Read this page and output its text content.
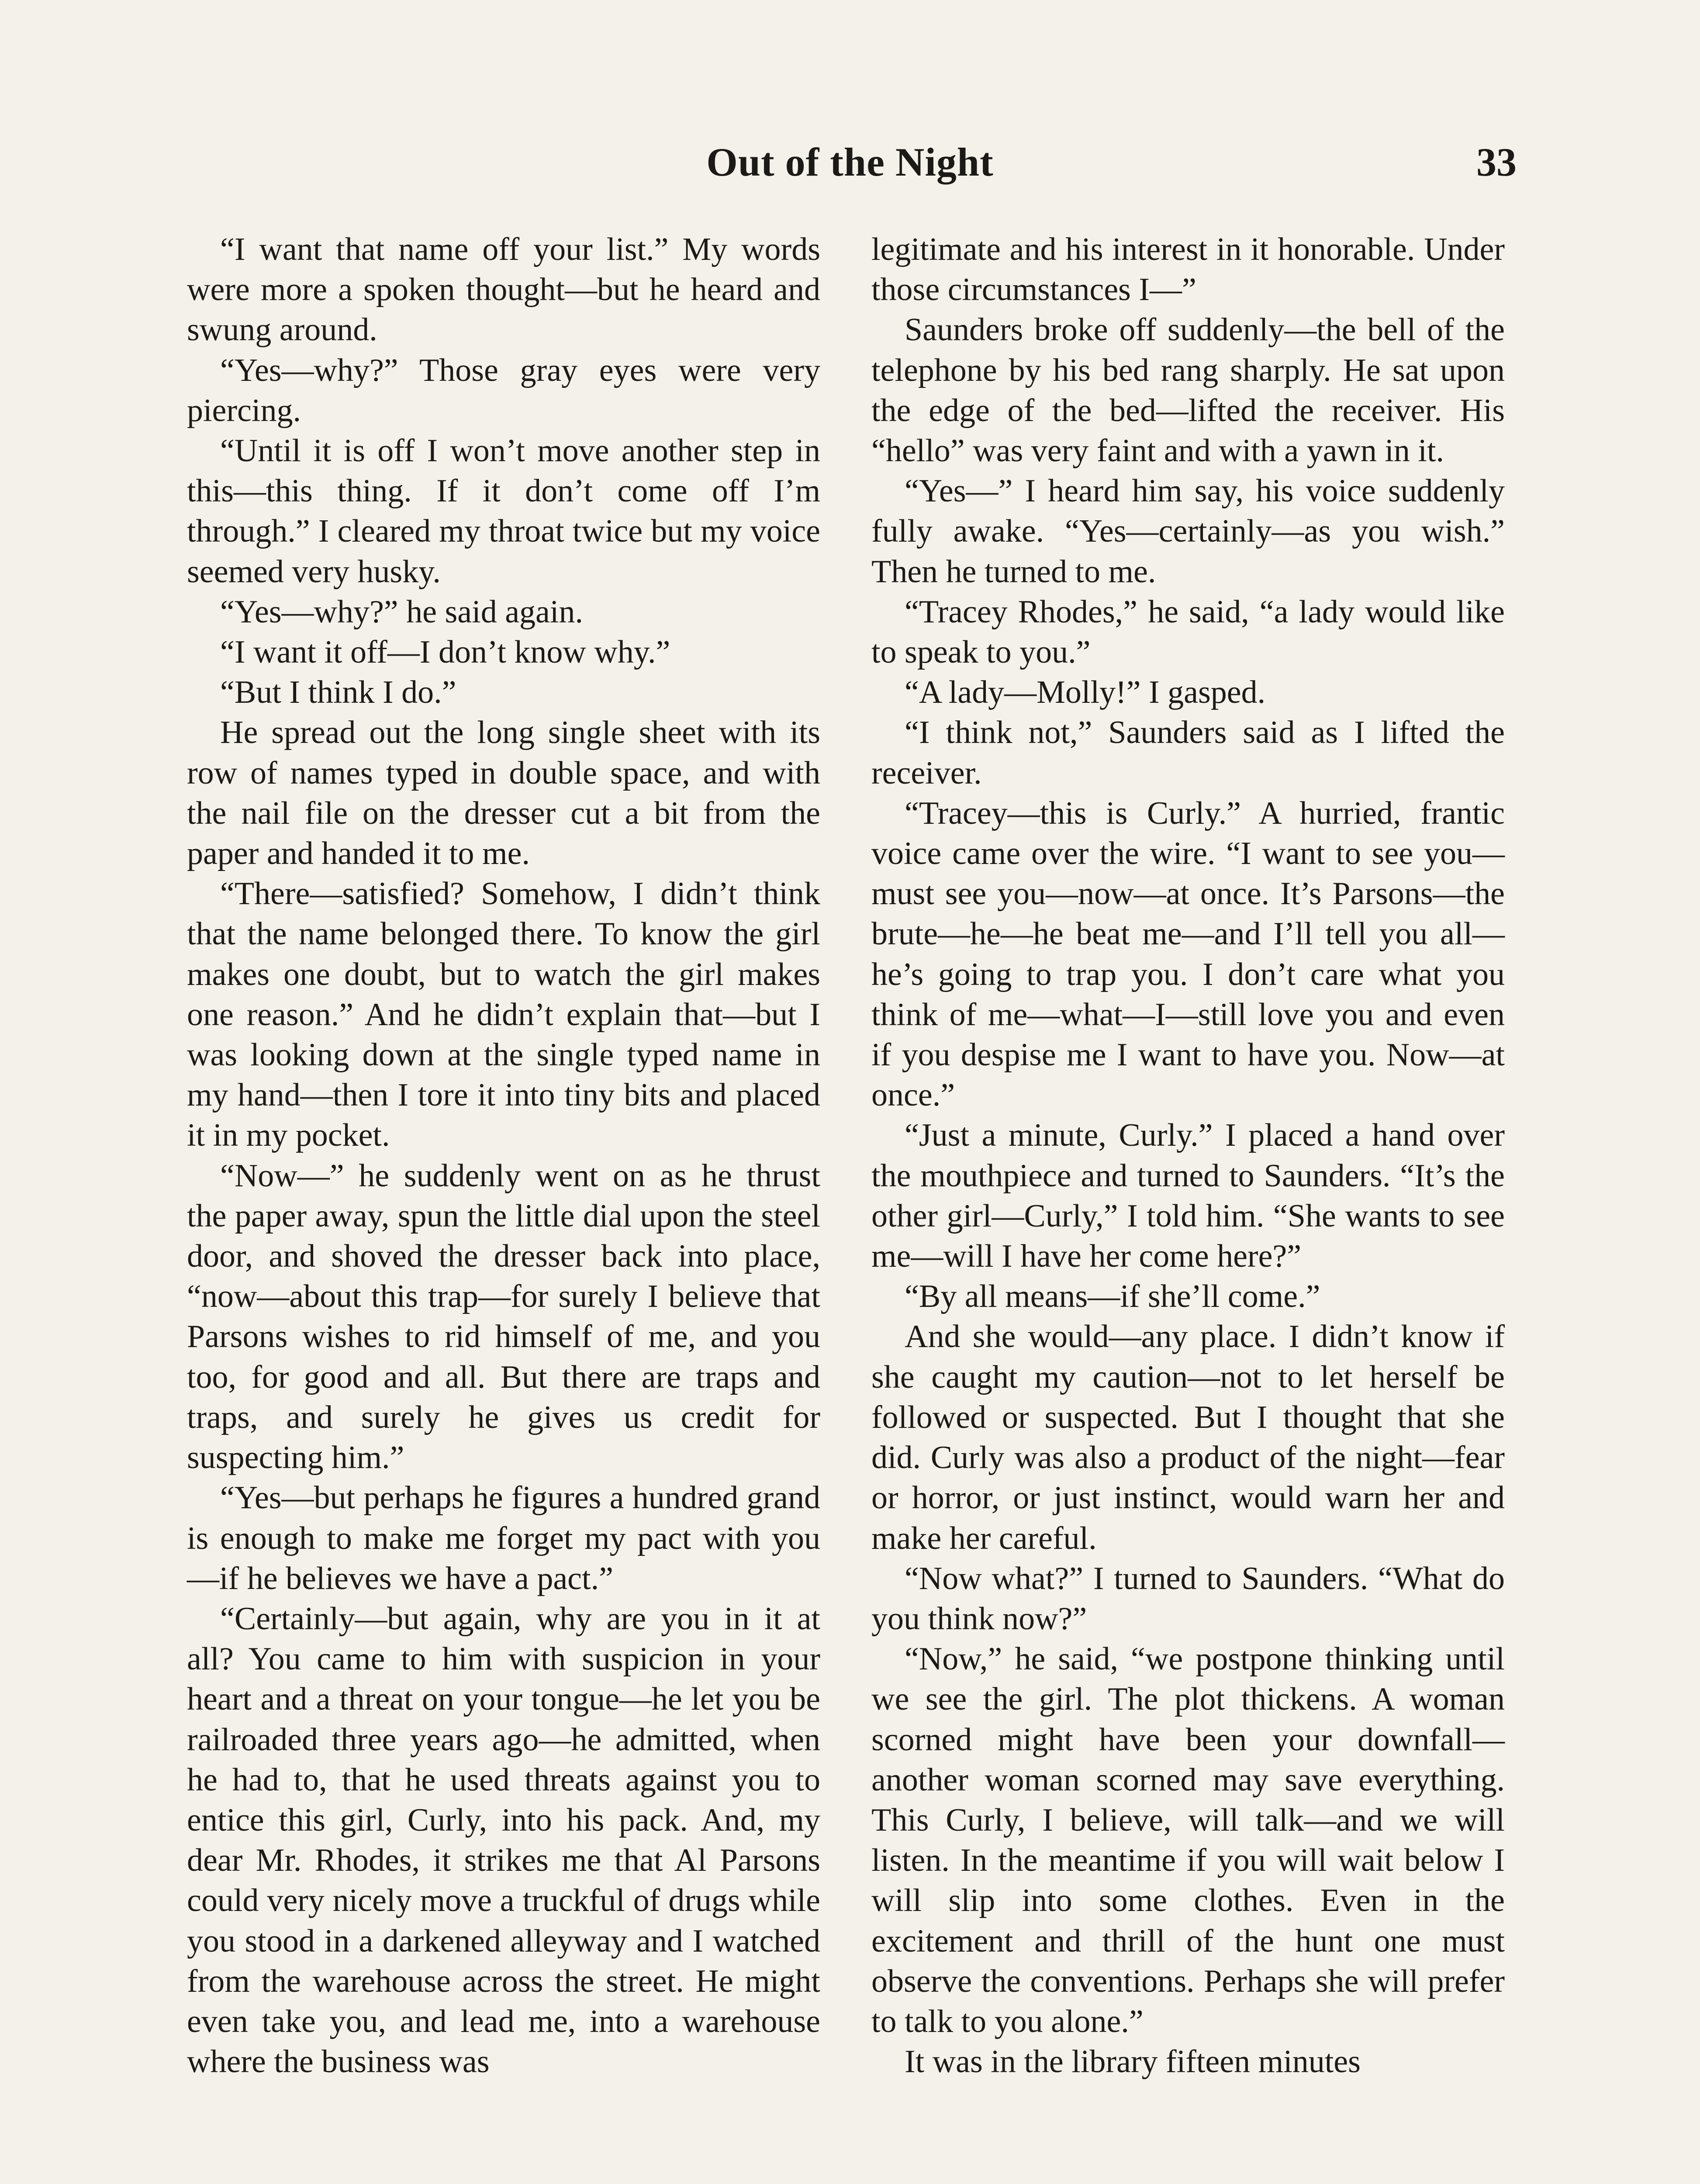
Out of the Night	33

“I want that name off your list.” My words were more a spoken thought—but he heard and swung around.

“Yes—why?” Those gray eyes were very piercing.

“Until it is off I won’t move another step in this—this thing. If it don’t come off I’m through.” I cleared my throat twice but my voice seemed very husky.

“Yes—why?” he said again.

“I want it off—I don’t know why.”

“But I think I do.”

He spread out the long single sheet with its row of names typed in double space, and with the nail file on the dresser cut a bit from the paper and handed it to me.

“There—satisfied? Somehow, I didn’t think that the name belonged there. To know the girl makes one doubt, but to watch the girl makes one reason.” And he didn’t explain that—but I was looking down at the single typed name in my hand—then I tore it into tiny bits and placed it in my pocket.

“Now—” he suddenly went on as he thrust the paper away, spun the little dial upon the steel door, and shoved the dresser back into place, “now—about this trap—for surely I believe that Parsons wishes to rid himself of me, and you too, for good and all. But there are traps and traps, and surely he gives us credit for suspecting him.”

“Yes—but perhaps he figures a hundred grand is enough to make me forget my pact with you—if he believes we have a pact.”

“Certainly—but again, why are you in it at all? You came to him with suspicion in your heart and a threat on your tongue—he let you be railroaded three years ago—he admitted, when he had to, that he used threats against you to entice this girl, Curly, into his pack. And, my dear Mr. Rhodes, it strikes me that Al Parsons could very nicely move a truckful of drugs while you stood in a darkened alleyway and I watched from the warehouse across the street. He might even take you, and lead me, into a warehouse where the business was

legitimate and his interest in it honorable. Under those circumstances I—”

Saunders broke off suddenly—the bell of the telephone by his bed rang sharply. He sat upon the edge of the bed—lifted the receiver. His “hello” was very faint and with a yawn in it.

“Yes—” I heard him say, his voice suddenly fully awake. “Yes—certainly—as you wish.” Then he turned to me.

“Tracey Rhodes,” he said, “a lady would like to speak to you.”

“A lady—Molly!” I gasped.

“I think not,” Saunders said as I lifted the receiver.

“Tracey—this is Curly.” A hurried, frantic voice came over the wire. “I want to see you—must see you—now—at once. It’s Parsons—the brute—he—he beat me—and I’ll tell you all—he’s going to trap you. I don’t care what you think of me—what—I—still love you and even if you despise me I want to have you. Now—at once.”

“Just a minute, Curly.” I placed a hand over the mouthpiece and turned to Saunders. “It’s the other girl—Curly,” I told him. “She wants to see me—will I have her come here?”

“By all means—if she’ll come.”

And she would—any place. I didn’t know if she caught my caution—not to let herself be followed or suspected. But I thought that she did. Curly was also a product of the night—fear or horror, or just instinct, would warn her and make her careful.

“Now what?” I turned to Saunders. “What do you think now?”

“Now,” he said, “we postpone thinking until we see the girl. The plot thickens. A woman scorned might have been your downfall—another woman scorned may save everything. This Curly, I believe, will talk—and we will listen. In the meantime if you will wait below I will slip into some clothes. Even in the excitement and thrill of the hunt one must observe the conventions. Perhaps she will prefer to talk to you alone.”

It was in the library fifteen minutes
